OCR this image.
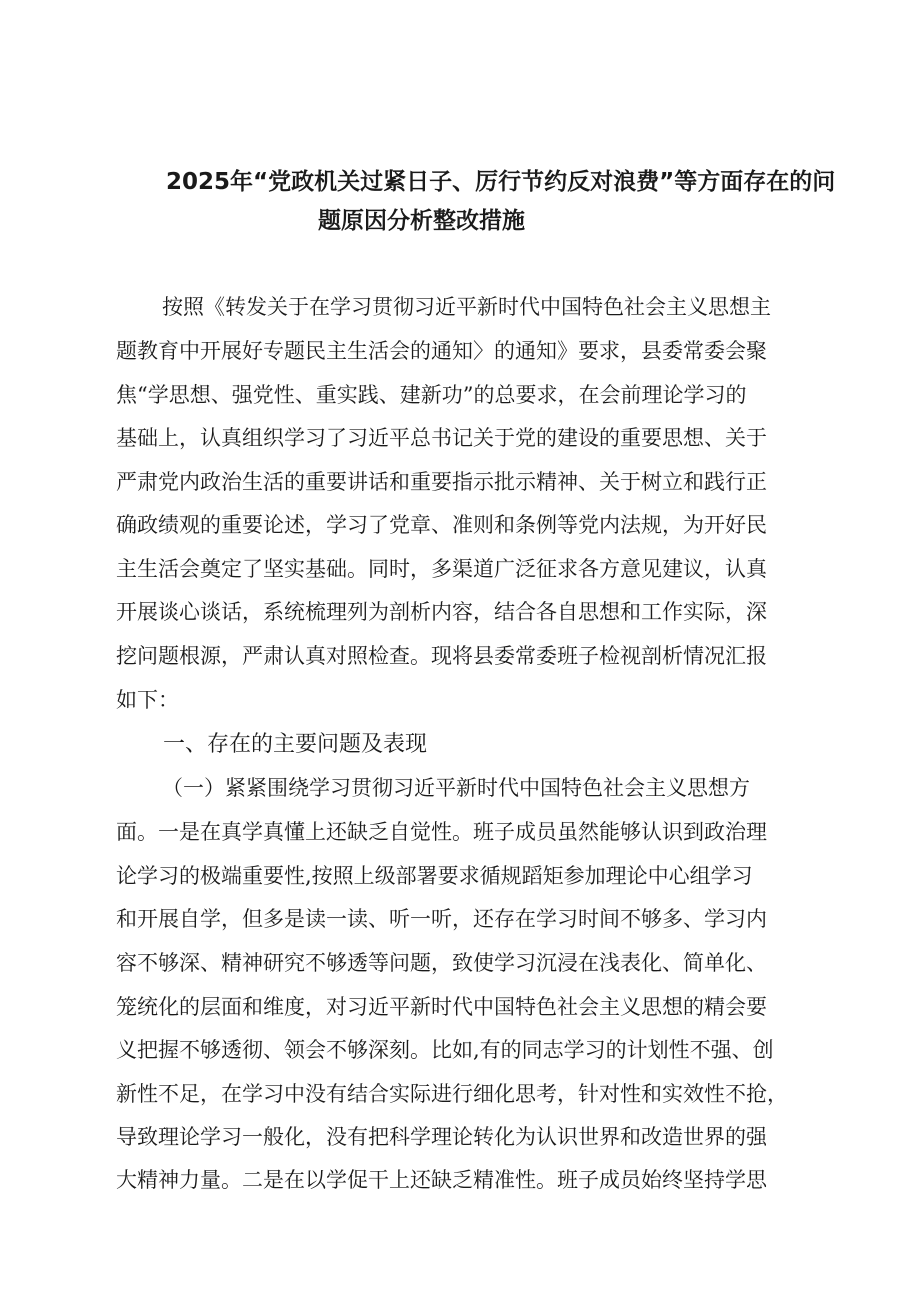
2025年“党政机关过紧日子、厉行节约反对浪费”等方面存在的问
题原因分析整改措施
按照《转发关于在学习贯彻习近平新时代中国特色社会主义思想主
题教育中开展好专题民主生活会的通知〉的通知》要求，县委常委会聚
焦“学思想、强党性、重实践、建新功”的总要求，在会前理论学习的
基础上，认真组织学习了习近平总书记关于党的建设的重要思想、关于
严肃党内政治生活的重要讲话和重要指示批示精神、关于树立和践行正
确政绩观的重要论述，学习了党章、准则和条例等党内法规，为开好民
主生活会奠定了坚实基础。同时，多渠道广泛征求各方意见建议，认真
开展谈心谈话，系统梳理列为剖析内容，结合各自思想和工作实际，深
挖问题根源，严肃认真对照检查。现将县委常委班子检视剖析情况汇报
如下：
一、存在的主要问题及表现
（一）紧紧围绕学习贯彻习近平新时代中国特色社会主义思想方
面。一是在真学真懂上还缺乏自觉性。班子成员虽然能够认识到政治理
论学习的极端重要性,按照上级部署要求循规蹈矩参加理论中心组学习
和开展自学，但多是读一读、听一听，还存在学习时间不够多、学习内
容不够深、精神研究不够透等问题，致使学习沉浸在浅表化、简单化、
笼统化的层面和维度，对习近平新时代中国特色社会主义思想的精会要
义把握不够透彻、领会不够深刻。比如,有的同志学习的计划性不强、创
新性不足，在学习中没有结合实际进行细化思考，针对性和实效性不抢，
导致理论学习一般化，没有把科学理论转化为认识世界和改造世界的强
大精神力量。二是在以学促干上还缺乏精准性。班子成员始终坚持学思
